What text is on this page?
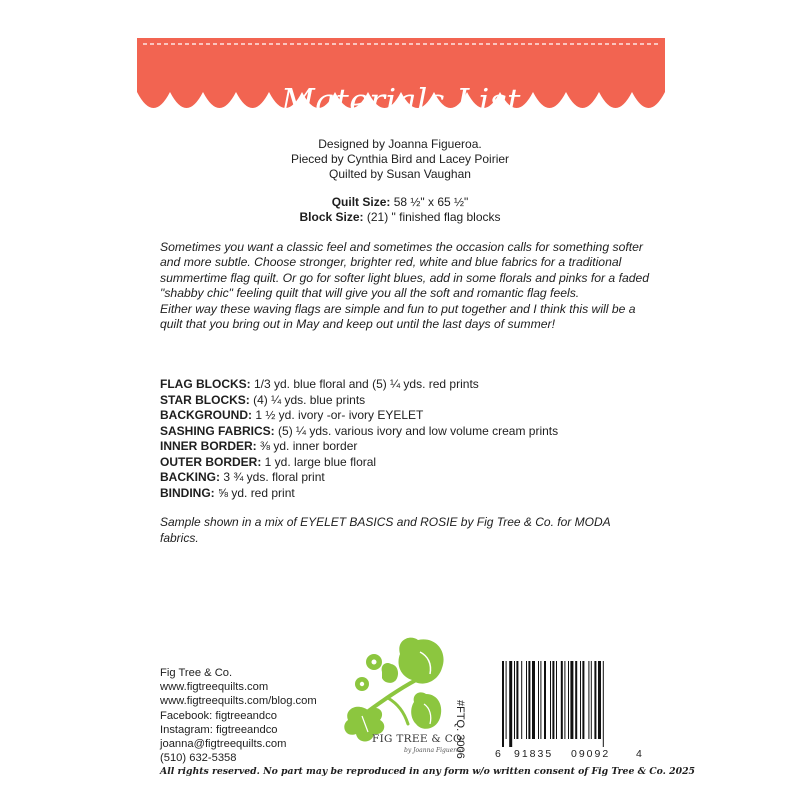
Materials List
Designed by Joanna Figueroa.
Pieced by Cynthia Bird and Lacey Poirier
Quilted by Susan Vaughan
Quilt Size: 58 ½" x 65 ½"
Block Size: (21) " finished flag blocks

Sometimes you want a classic feel and sometimes the occasion calls for something softer and more subtle. Choose stronger, brighter red, white and blue fabrics for a traditional summertime flag quilt. Or go for softer light blues, add in some florals and pinks for a faded "shabby chic" feeling quilt that will give you all the soft and romantic flag feels.

Either way these waving flags are simple and fun to put together and I think this will be a quilt that you bring out in May and keep out until the last days of summer!

FLAG BLOCKS: 1/3 yd. blue floral and (5) ¼ yds. red prints
STAR BLOCKS: (4) ¼ yds. blue prints
BACKGROUND: 1 ½ yd. ivory -or- ivory EYELET
SASHING FABRICS: (5) ¼ yds. various ivory and low volume cream prints
INNER BORDER: ⅜ yd. inner border
OUTER BORDER: 1 yd. large blue floral
BACKING: 3 ¾ yds. floral print
BINDING: ⅝ yd. red print
Sample shown in a mix of EYELET BASICS and ROSIE by Fig Tree & Co. for MODA fabrics.
Fig Tree & Co.
www.figtreequilts.com
www.figtreequilts.com/blog.com
Facebook: figtreeandco
Instagram: figtreeandco
joanna@figtreequilts.com
(510) 632-5358
FIG TREE & CO.
by Joanna Figueroa
#FTQ. 3006	6 91835 09092 4
All rights reserved. No part may be reproduced in any form w/o written consent of Fig Tree & Co. 2025
